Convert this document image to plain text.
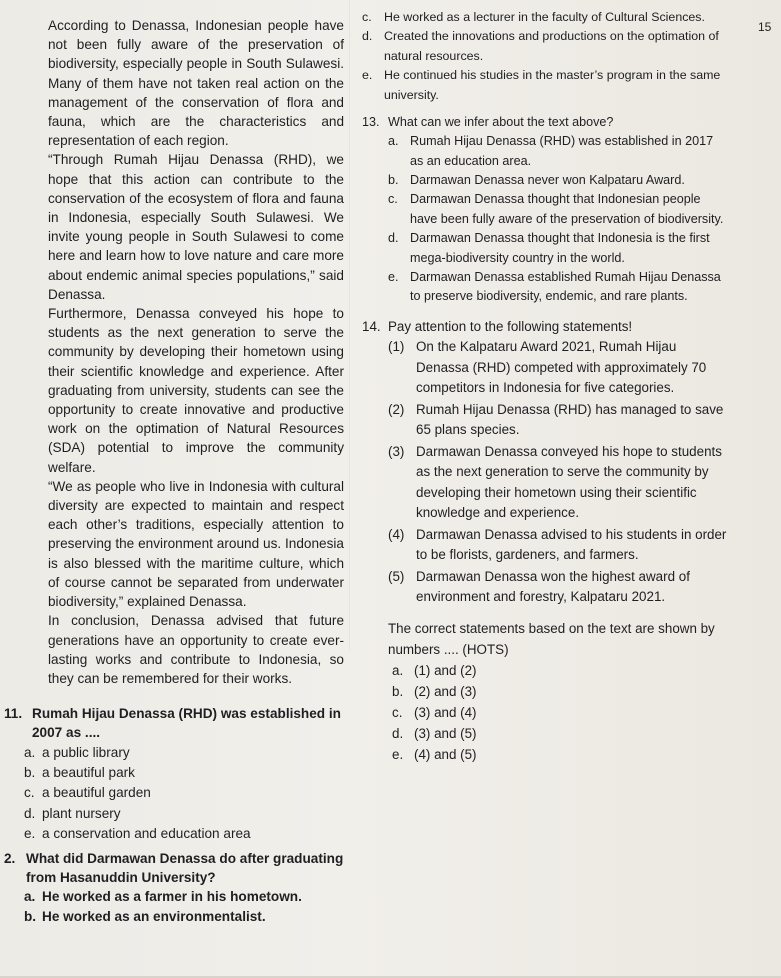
15

According to Denassa, Indonesian people have not been fully aware of the preservation of biodiversity, especially people in South Sulawesi. Many of them have not taken real action on the management of the conservation of flora and fauna, which are the characteristics and representation of each region.

“Through Rumah Hijau Denassa (RHD), we hope that this action can contribute to the conservation of the ecosystem of flora and fauna in Indonesia, especially South Sulawesi. We invite young people in South Sulawesi to come here and learn how to love nature and care more about endemic animal species populations,” said Denassa.

Furthermore, Denassa conveyed his hope to students as the next generation to serve the community by developing their hometown using their scientific knowledge and experience. After graduating from university, students can see the opportunity to create innovative and productive work on the optimation of Natural Resources (SDA) potential to improve the community welfare.

“We as people who live in Indonesia with cultural diversity are expected to maintain and respect each other’s traditions, especially attention to preserving the environment around us. Indonesia is also blessed with the maritime culture, which of course cannot be separated from underwater biodiversity,” explained Denassa.

In conclusion, Denassa advised that future generations have an opportunity to create ever-lasting works and contribute to Indonesia, so they can be remembered for their works.

11. Rumah Hijau Denassa (RHD) was established in 2007 as ....
a. a public library
b. a beautiful park
c. a beautiful garden
d. plant nursery
e. a conservation and education area
2. What did Darmawan Denassa do after graduating from Hasanuddin University?
a. He worked as a farmer in his hometown.
b. He worked as an environmentalist.
c. He worked as a lecturer in the faculty of Cultural Sciences.
d. Created the innovations and productions on the optimation of natural resources.
e. He continued his studies in the master’s program in the same university.
13. What can we infer about the text above?
a. Rumah Hijau Denassa (RHD) was established in 2017 as an education area.
b. Darmawan Denassa never won Kalpataru Award.
c. Darmawan Denassa thought that Indonesian people have been fully aware of the preservation of biodiversity.
d. Darmawan Denassa thought that Indonesia is the first mega-biodiversity country in the world.
e. Darmawan Denassa established Rumah Hijau Denassa to preserve biodiversity, endemic, and rare plants.
14. Pay attention to the following statements!
(1) On the Kalpataru Award 2021, Rumah Hijau Denassa (RHD) competed with approximately 70 competitors in Indonesia for five categories.
(2) Rumah Hijau Denassa (RHD) has managed to save 65 plans species.
(3) Darmawan Denassa conveyed his hope to students as the next generation to serve the community by developing their hometown using their scientific knowledge and experience.
(4) Darmawan Denassa advised to his students in order to be florists, gardeners, and farmers.
(5) Darmawan Denassa won the highest award of environment and forestry, Kalpataru 2021.

The correct statements based on the text are shown by numbers .... (HOTS)

a. (1) and (2)
b. (2) and (3)
c. (3) and (4)
d. (3) and (5)
e. (4) and (5)
